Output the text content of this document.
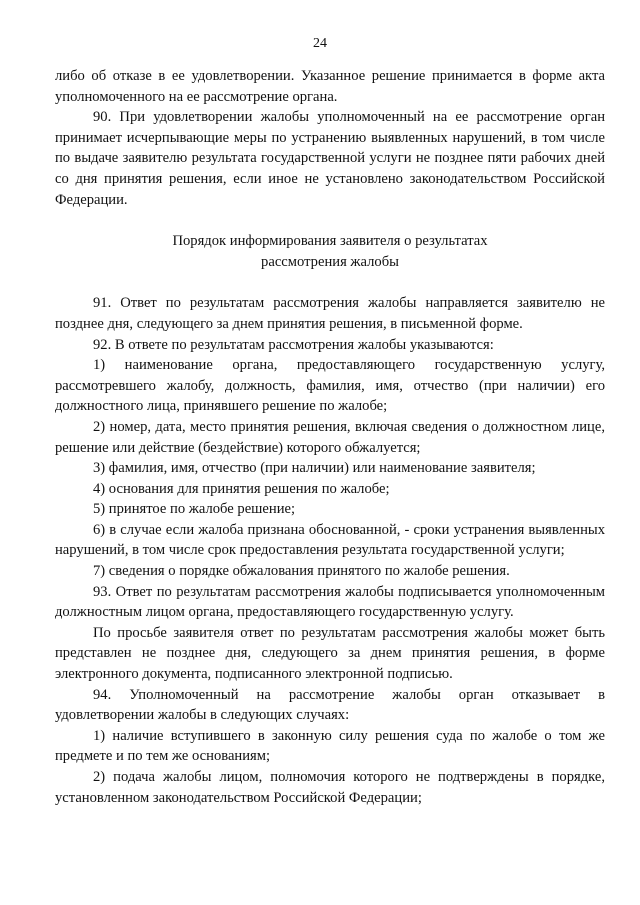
24

либо об отказе в ее удовлетворении. Указанное решение принимается в форме акта уполномоченного на ее рассмотрение органа.

90. При удовлетворении жалобы уполномоченный на ее рассмотрение орган принимает исчерпывающие меры по устранению выявленных нарушений, в том числе по выдаче заявителю результата государственной услуги не позднее пяти рабочих дней со дня принятия решения, если иное не установлено законодательством Российской Федерации.

Порядок информирования заявителя о результатах
рассмотрения жалобы

91. Ответ по результатам рассмотрения жалобы направляется заявителю не позднее дня, следующего за днем принятия решения, в письменной форме.

92. В ответе по результатам рассмотрения жалобы указываются:

1) наименование органа, предоставляющего государственную услугу, рассмотревшего жалобу, должность, фамилия, имя, отчество (при наличии) его должностного лица, принявшего решение по жалобе;

2) номер, дата, место принятия решения, включая сведения о должностном лице, решение или действие (бездействие) которого обжалуется;

3) фамилия, имя, отчество (при наличии) или наименование заявителя;

4) основания для принятия решения по жалобе;

5) принятое по жалобе решение;

6) в случае если жалоба признана обоснованной, - сроки устранения выявленных нарушений, в том числе срок предоставления результата государственной услуги;

7) сведения о порядке обжалования принятого по жалобе решения.

93. Ответ по результатам рассмотрения жалобы подписывается уполномоченным должностным лицом органа, предоставляющего государственную услугу.

По просьбе заявителя ответ по результатам рассмотрения жалобы может быть представлен не позднее дня, следующего за днем принятия решения, в форме электронного документа, подписанного электронной подписью.

94. Уполномоченный на рассмотрение жалобы орган отказывает в удовлетворении жалобы в следующих случаях:

1) наличие вступившего в законную силу решения суда по жалобе о том же предмете и по тем же основаниям;

2) подача жалобы лицом, полномочия которого не подтверждены в порядке, установленном законодательством Российской Федерации;
